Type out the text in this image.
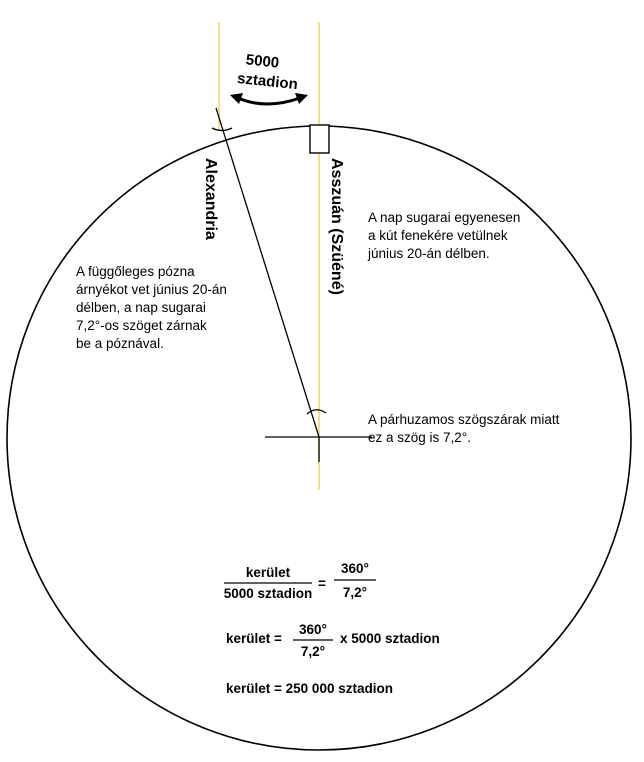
5000
sztadion
Alexandria	Asszuán (Szüéné) A nap sugarai egyenesen a kút fenekére vetülnek június 20-án délben.
A függőleges pózna árnyékot vet június 20-án délben, a nap sugarai 7,2°-os szöget zárnak be a póznával.
A párhuzamos szögszárak miatt ez a szög is 7,2°.
kerület
5000 sztadion
=
360°
7,2°
kerület =
360°
7,2°
x 5000 sztadion
kerület = 250 000 sztadion
